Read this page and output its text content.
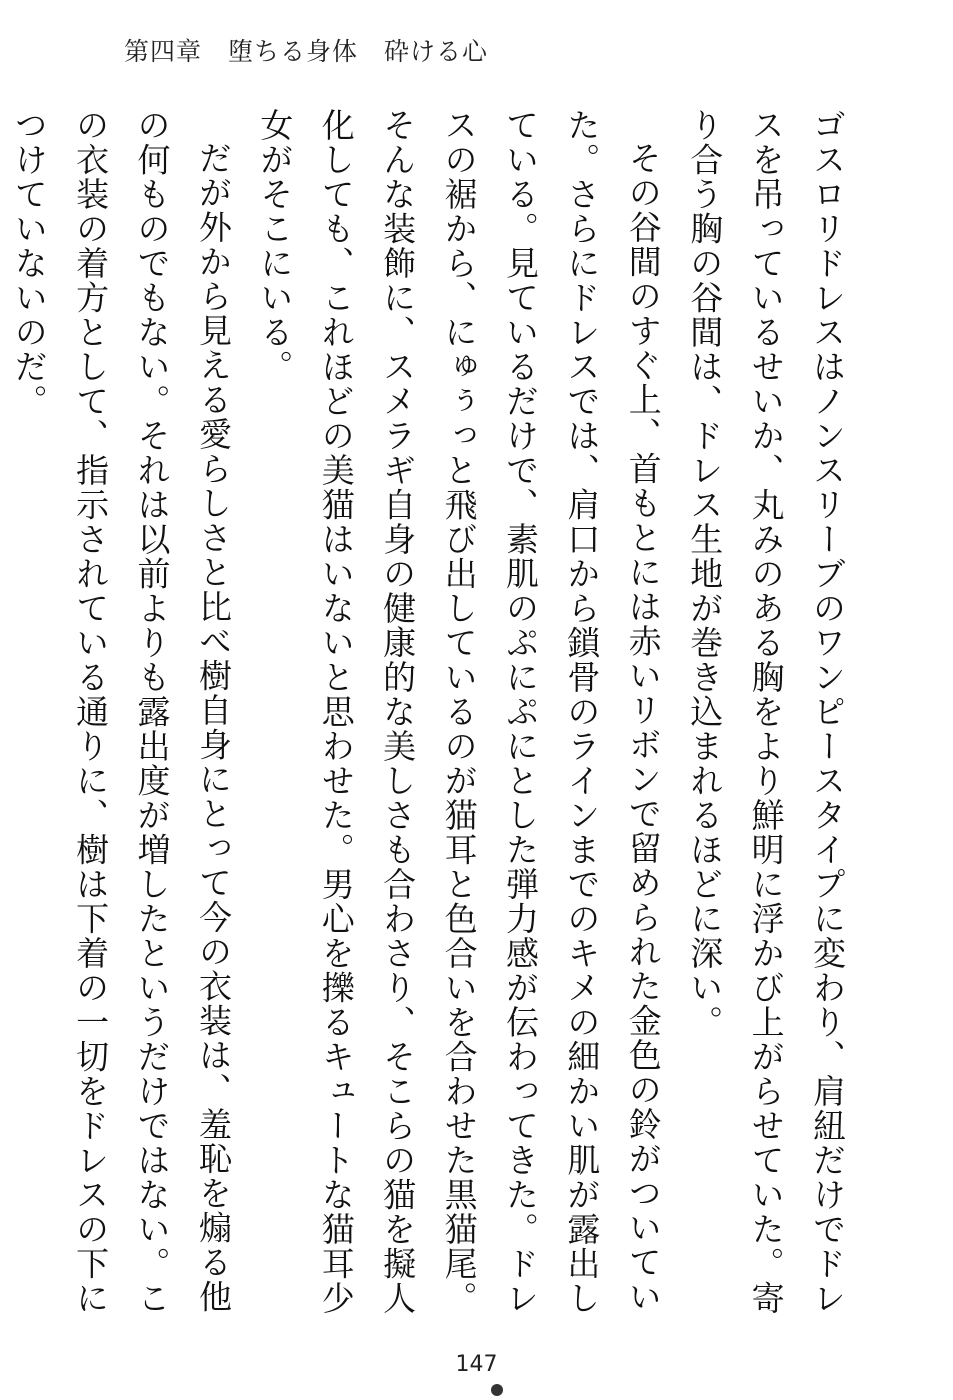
第四章　堕ちる身体　砕ける心

ゴスロリドレスはノンスリーブのワンピースタイプに変わり、肩紐だけでドレスを吊っているせいか、丸みのある胸をより鮮明に浮かび上がらせていた。寄り合う胸の谷間は、ドレス生地が巻き込まれるほどに深い。

その谷間のすぐ上、首もとには赤いリボンで留められた金色の鈴がついていた。さらにドレスでは、肩口から鎖骨のラインまでのキメの細かい肌が露出している。見ているだけで、素肌のぷにぷにとした弾力感が伝わってきた。ドレスの裾から、にゅぅっと飛び出しているのが猫耳と色合いを合わせた黒猫尾。そんな装飾に、スメラギ自身の健康的な美しさも合わさり、そこらの猫を擬人化しても、これほどの美猫はいないと思わせた。男心を擽るキュートな猫耳少女がそこにいる。

だが外から見える愛らしさと比べ樹自身にとって今の衣装は、羞恥を煽る他の何ものでもない。それは以前よりも露出度が増したというだけではない。この衣装の着方として、指示されている通りに、樹は下着の一切をドレスの下につけていないのだ。

147
